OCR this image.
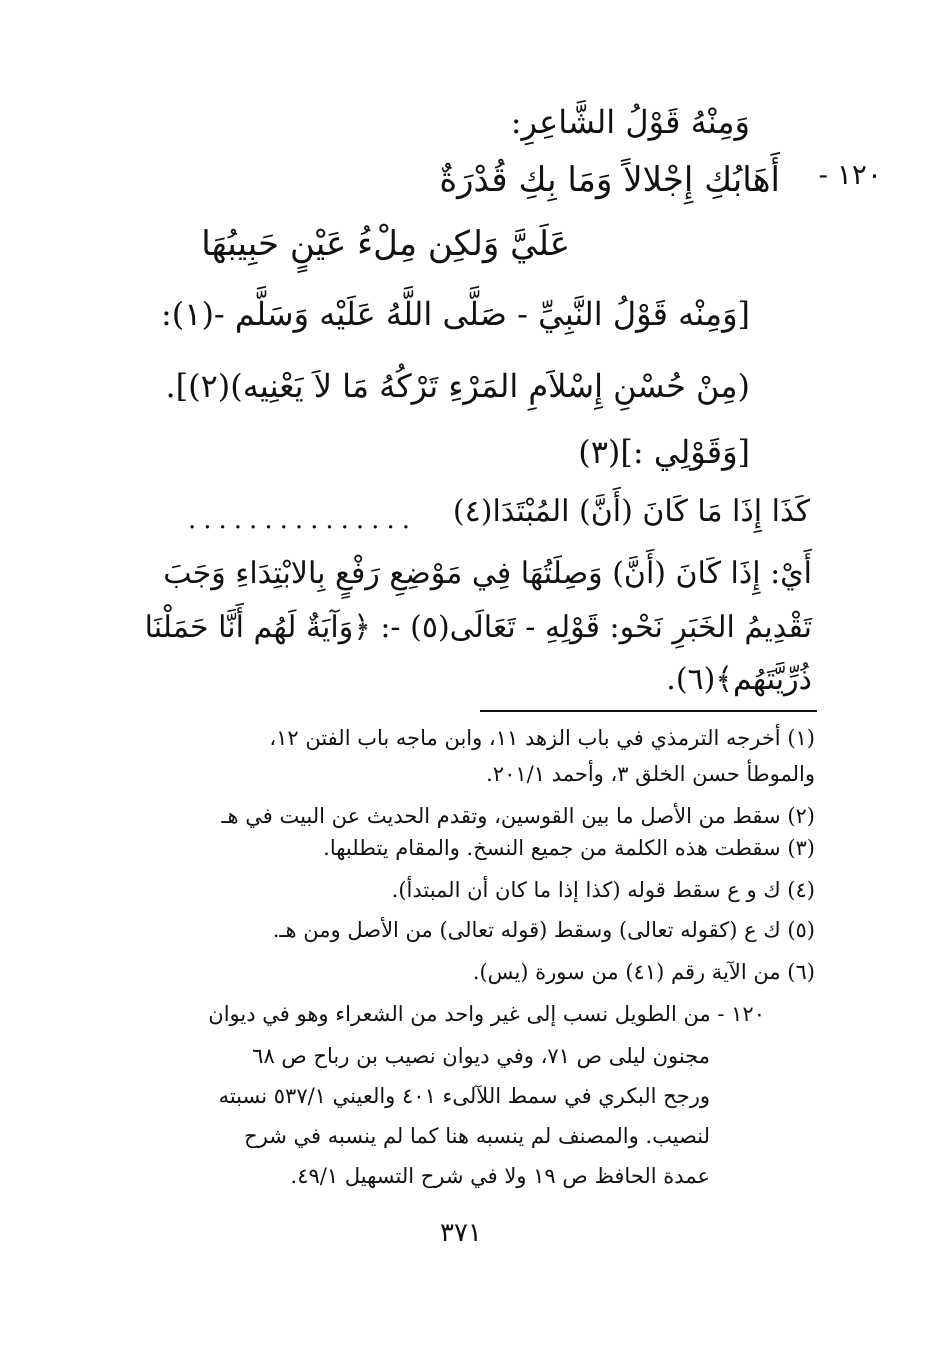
وَمِنْهُ قَوْلُ الشَّاعِرِ:
١٢٠ -
أَهَابُكِ إِجْلالاً وَمَا بِكِ قُدْرَةٌ
عَلَيَّ وَلكِن مِلْءُ عَيْنٍ حَبِيبُهَا
[وَمِنْه قَوْلُ النَّبِيِّ - صَلَّى اللَّهُ عَلَيْه وَسَلَّم -(١):
(مِنْ حُسْنِ إِسْلاَمِ المَرْءِ تَرْكُهُ مَا لاَ يَعْنِيه)(٢)].
[وَقَوْلِي :](٣)
كَذَا إِذَا مَا كَانَ (أَنَّ) المُبْتَدَا(٤)
...............
أَيْ: إِذَا كَانَ (أَنَّ) وَصِلَتُهَا فِي مَوْضِعِ رَفْعٍ بِالابْتِدَاءِ وَجَبَ
تَقْدِيمُ الخَبَرِ نَحْو: قَوْلِهِ - تَعَالَى(٥) -: ﴿وَآيَةٌ لَهُم أَنَّا حَمَلْنَا
ذُرِّيَّتَهُم﴾(٦).
(١) أخرجه الترمذي في باب الزهد ١١، وابن ماجه باب الفتن ١٢،
والموطأ حسن الخلق ٣، وأحمد ٢٠١/١.
(٢) سقط من الأصل ما بين القوسين، وتقدم الحديث عن البيت في هـ
(٣) سقطت هذه الكلمة من جميع النسخ. والمقام يتطلبها.
(٤) ك و ع سقط قوله (كذا إذا ما كان أن المبتدأ).
(٥) ك ع (كقوله تعالى) وسقط (قوله تعالى) من الأصل ومن هـ.
(٦) من الآية رقم (٤١) من سورة (يس).
١٢٠ - من الطويل نسب إلى غير واحد من الشعراء وهو في ديوان
مجنون ليلى ص ٧١، وفي ديوان نصيب بن رباح ص ٦٨
ورجح البكري في سمط اللآلىء ٤٠١ والعيني ٥٣٧/١ نسبته
لنصيب. والمصنف لم ينسبه هنا كما لم ينسبه في شرح
عمدة الحافظ ص ١٩ ولا في شرح التسهيل ٤٩/١.
٣٧١
